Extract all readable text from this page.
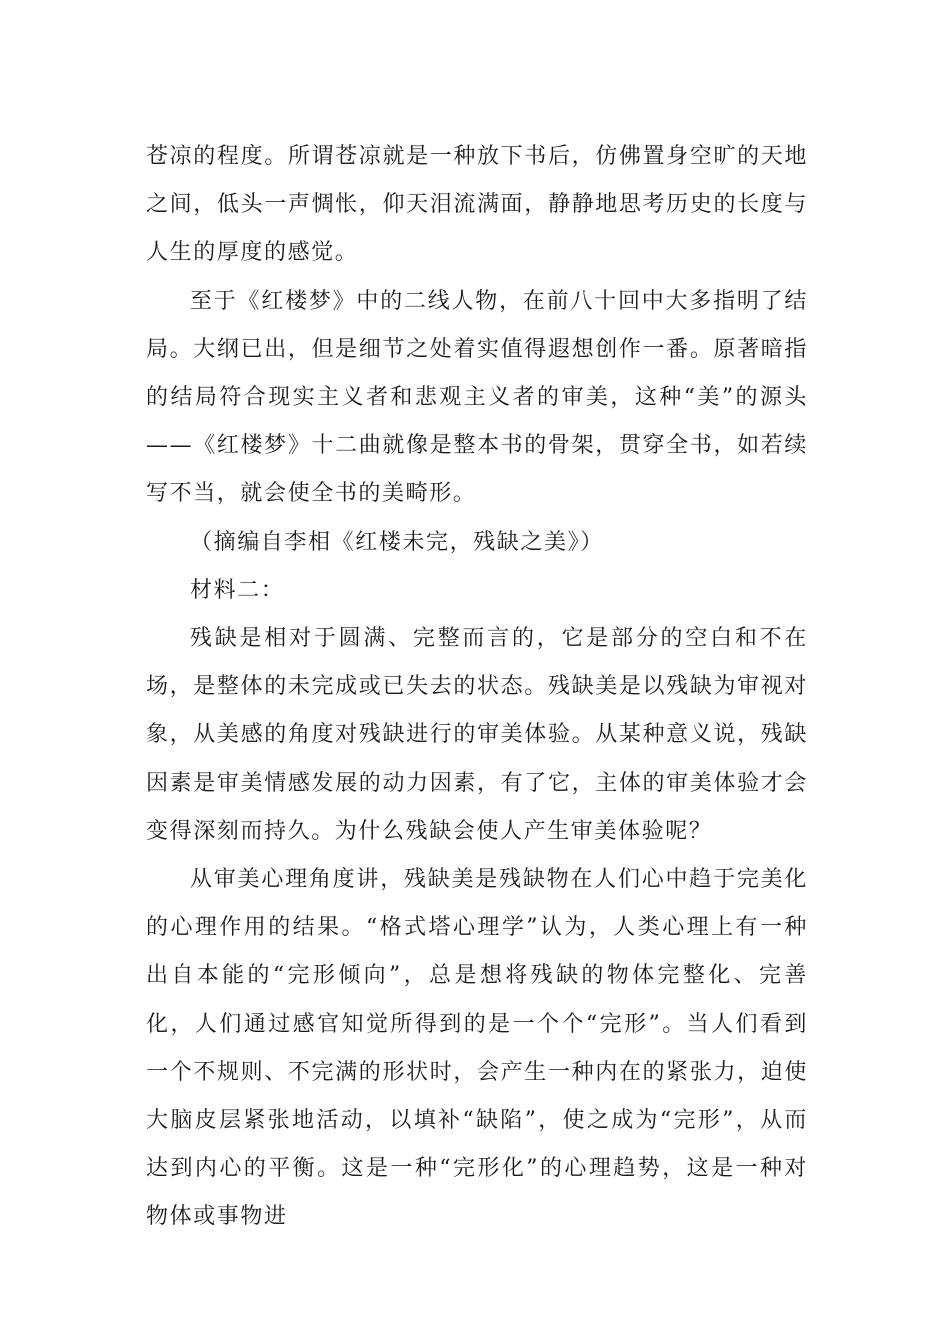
苍凉的程度。所谓苍凉就是一种放下书后，仿佛置身空旷的天地之间，低头一声惆怅，仰天泪流满面，静静地思考历史的长度与人生的厚度的感觉。

至于《红楼梦》中的二线人物，在前八十回中大多指明了结局。大纲已出，但是细节之处着实值得遐想创作一番。原著暗指的结局符合现实主义者和悲观主义者的审美，这种“美”的源头——《红楼梦》十二曲就像是整本书的骨架，贯穿全书，如若续写不当，就会使全书的美畸形。

（摘编自李相《红楼未完，残缺之美》）

材料二：

残缺是相对于圆满、完整而言的，它是部分的空白和不在场，是整体的未完成或已失去的状态。残缺美是以残缺为审视对象，从美感的角度对残缺进行的审美体验。从某种意义说，残缺因素是审美情感发展的动力因素，有了它，主体的审美体验才会变得深刻而持久。为什么残缺会使人产生审美体验呢？

从审美心理角度讲，残缺美是残缺物在人们心中趋于完美化的心理作用的结果。“格式塔心理学”认为，人类心理上有一种出自本能的“完形倾向”，总是想将残缺的物体完整化、完善化，人们通过感官知觉所得到的是一个个“完形”。当人们看到一个不规则、不完满的形状时，会产生一种内在的紧张力，迫使大脑皮层紧张地活动，以填补“缺陷”，使之成为“完形”，从而达到内心的平衡。这是一种“完形化”的心理趋势，这是一种对物体或事物进
